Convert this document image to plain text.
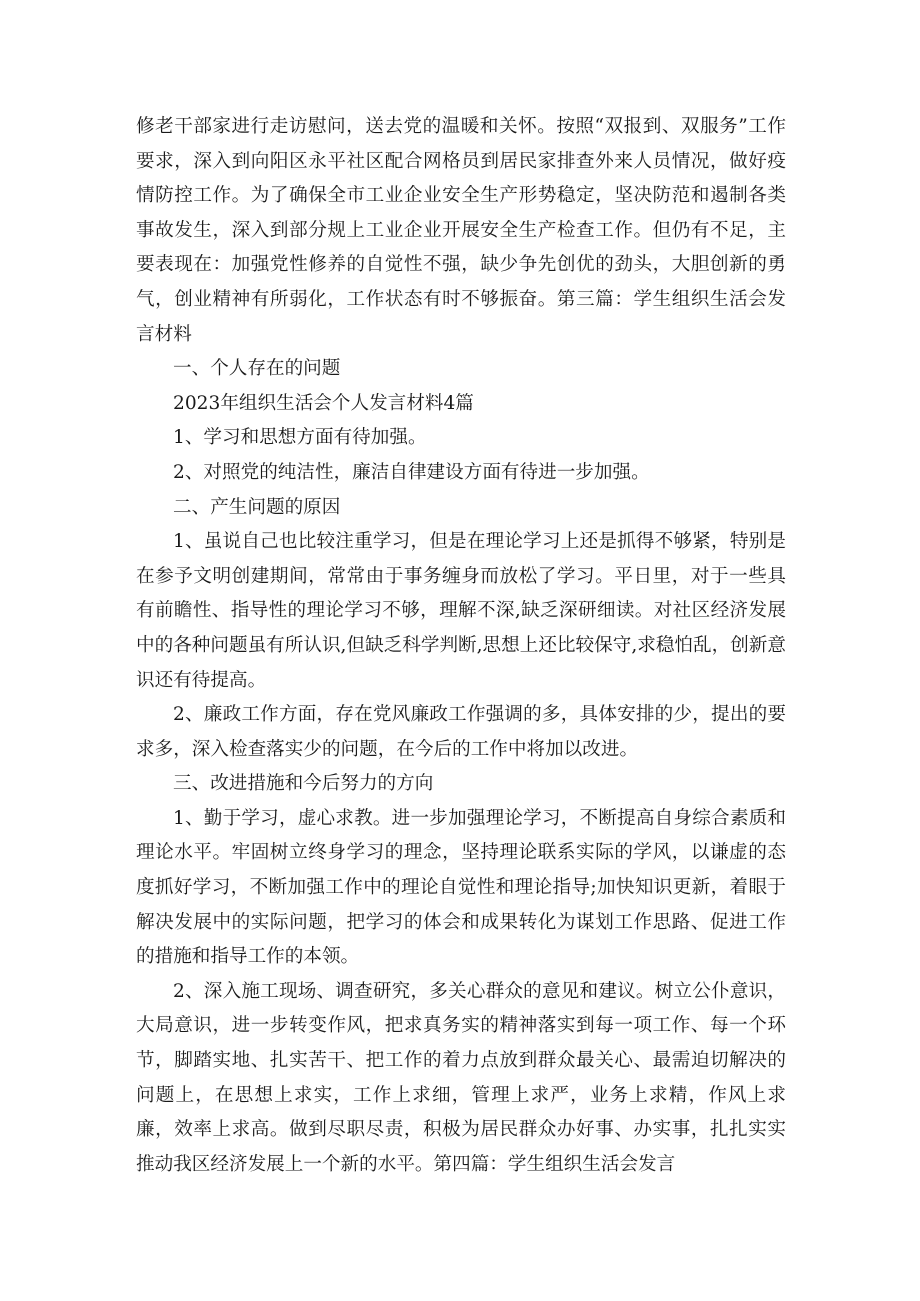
修老干部家进行走访慰问，送去党的温暖和关怀。按照“双报到、双服务”工作要求，深入到向阳区永平社区配合网格员到居民家排查外来人员情况，做好疫情防控工作。为了确保全市工业企业安全生产形势稳定，坚决防范和遏制各类事故发生，深入到部分规上工业企业开展安全生产检查工作。但仍有不足，主要表现在：加强党性修养的自觉性不强，缺少争先创优的劲头，大胆创新的勇气，创业精神有所弱化，工作状态有时不够振奋。第三篇：学生组织生活会发言材料

一、个人存在的问题

2023年组织生活会个人发言材料4篇

1、学习和思想方面有待加强。

2、对照党的纯洁性，廉洁自律建设方面有待进一步加强。

二、产生问题的原因

1、虽说自己也比较注重学习，但是在理论学习上还是抓得不够紧，特别是在参予文明创建期间，常常由于事务缠身而放松了学习。平日里，对于一些具有前瞻性、指导性的理论学习不够，理解不深,缺乏深研细读。对社区经济发展中的各种问题虽有所认识,但缺乏科学判断,思想上还比较保守,求稳怕乱，创新意识还有待提高。

2、廉政工作方面，存在党风廉政工作强调的多，具体安排的少，提出的要求多，深入检查落实少的问题，在今后的工作中将加以改进。

三、改进措施和今后努力的方向

1、勤于学习，虚心求教。进一步加强理论学习，不断提高自身综合素质和理论水平。牢固树立终身学习的理念，坚持理论联系实际的学风，以谦虚的态度抓好学习，不断加强工作中的理论自觉性和理论指导;加快知识更新，着眼于解决发展中的实际问题，把学习的体会和成果转化为谋划工作思路、促进工作的措施和指导工作的本领。

2、深入施工现场、调查研究，多关心群众的意见和建议。树立公仆意识，大局意识，进一步转变作风，把求真务实的精神落实到每一项工作、每一个环节，脚踏实地、扎实苦干、把工作的着力点放到群众最关心、最需迫切解决的问题上，在思想上求实，工作上求细，管理上求严，业务上求精，作风上求廉，效率上求高。做到尽职尽责，积极为居民群众办好事、办实事，扎扎实实推动我区经济发展上一个新的水平。第四篇：学生组织生活会发言
